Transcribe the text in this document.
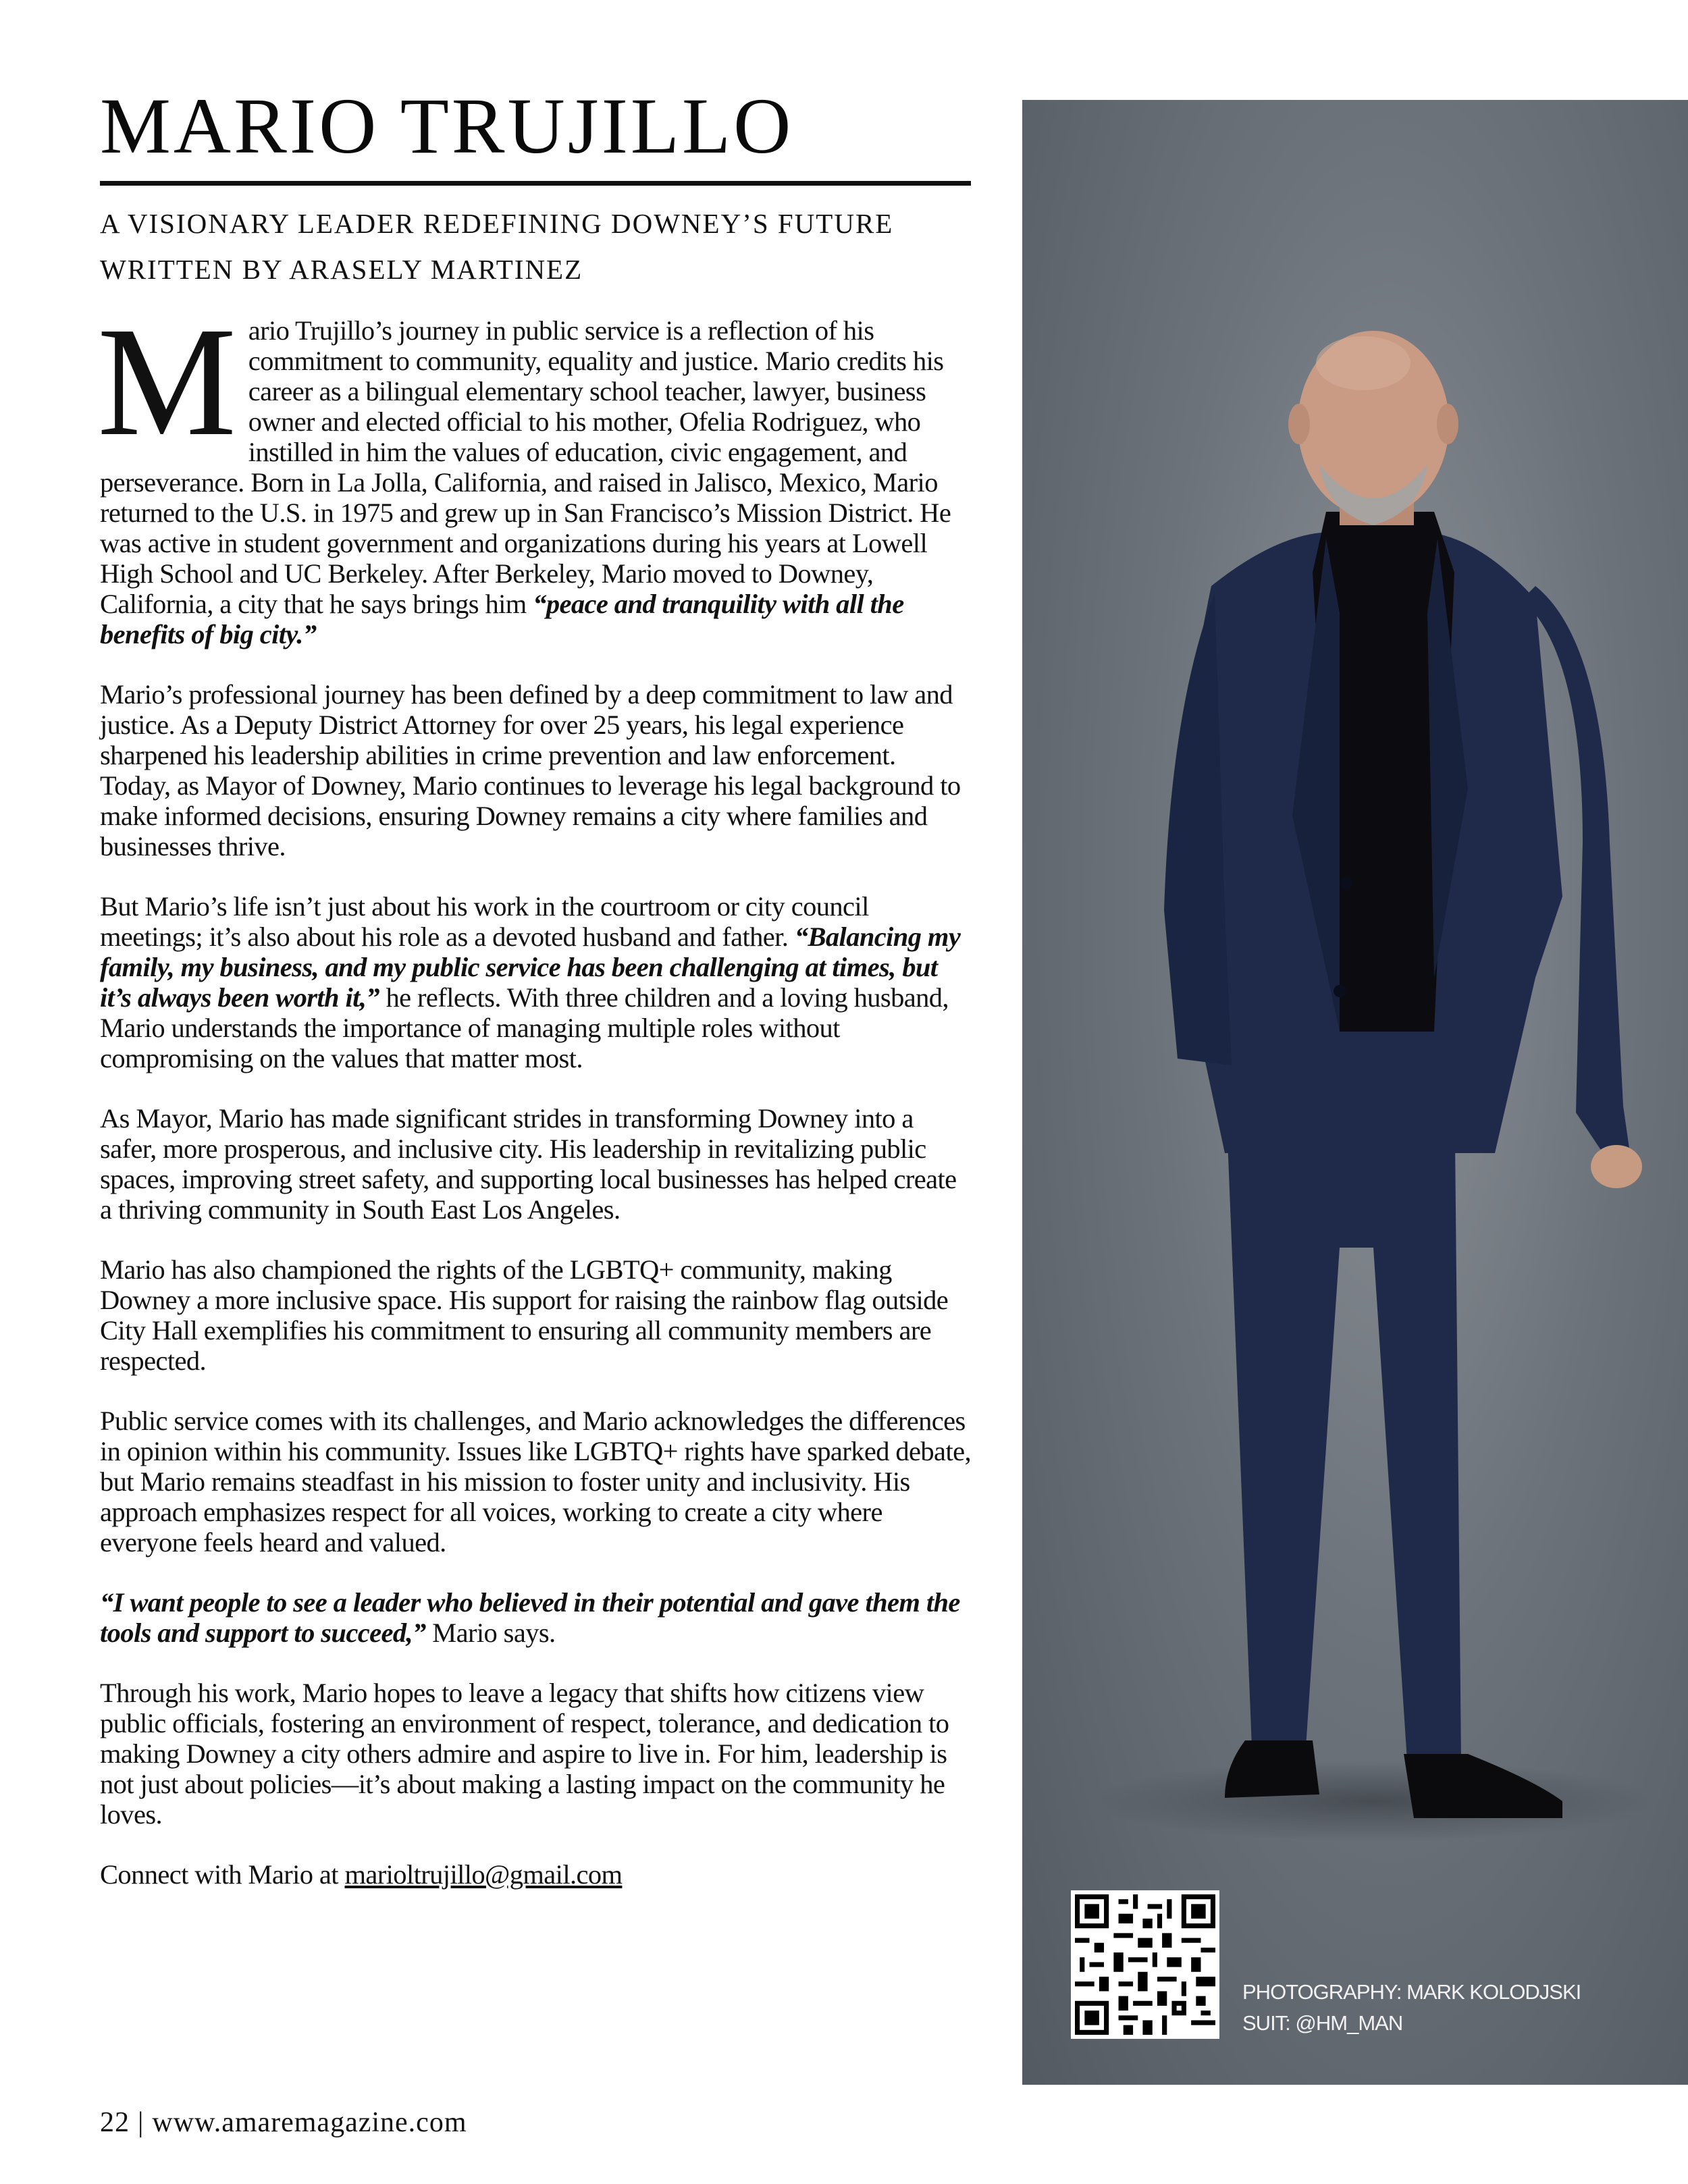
MARIO TRUJILLO

A VISIONARY LEADER REDEFINING DOWNEY’S FUTURE

WRITTEN BY ARASELY MARTINEZ

Mario Trujillo’s journey in public service is a reflection of his commitment to community, equality and justice. Mario credits his career as a bilingual elementary school teacher, lawyer, business owner and elected official to his mother, Ofelia Rodriguez, who instilled in him the values of education, civic engagement, and perseverance. Born in La Jolla, California, and raised in Jalisco, Mexico, Mario returned to the U.S. in 1975 and grew up in San Francisco’s Mission District. He was active in student government and organizations during his years at Lowell High School and UC Berkeley. After Berkeley, Mario moved to Downey, California, a city that he says brings him “peace and tranquility with all the benefits of big city.”

Mario’s professional journey has been defined by a deep commitment to law and justice. As a Deputy District Attorney for over 25 years, his legal experience sharpened his leadership abilities in crime prevention and law enforcement. Today, as Mayor of Downey, Mario continues to leverage his legal background to make informed decisions, ensuring Downey remains a city where families and businesses thrive.

But Mario’s life isn’t just about his work in the courtroom or city council meetings; it’s also about his role as a devoted husband and father. “Balancing my family, my business, and my public service has been challenging at times, but it’s always been worth it,” he reflects. With three children and a loving husband, Mario understands the importance of managing multiple roles without compromising on the values that matter most.

As Mayor, Mario has made significant strides in transforming Downey into a safer, more prosperous, and inclusive city. His leadership in revitalizing public spaces, improving street safety, and supporting local businesses has helped create a thriving community in South East Los Angeles.

Mario has also championed the rights of the LGBTQ+ community, making Downey a more inclusive space. His support for raising the rainbow flag outside City Hall exemplifies his commitment to ensuring all community members are respected.

Public service comes with its challenges, and Mario acknowledges the differences in opinion within his community. Issues like LGBTQ+ rights have sparked debate, but Mario remains steadfast in his mission to foster unity and inclusivity. His approach emphasizes respect for all voices, working to create a city where everyone feels heard and valued.

“I want people to see a leader who believed in their potential and gave them the tools and support to succeed,” Mario says.

Through his work, Mario hopes to leave a legacy that shifts how citizens view public officials, fostering an environment of respect, tolerance, and dedication to making Downey a city others admire and aspire to live in. For him, leadership is not just about policies—it’s about making a lasting impact on the community he loves.

Connect with Mario at marioltrujillo@gmail.com

PHOTOGRAPHY: MARK KOLODJSKI
SUIT: @HM_MAN
22 | www.amaremagazine.com
